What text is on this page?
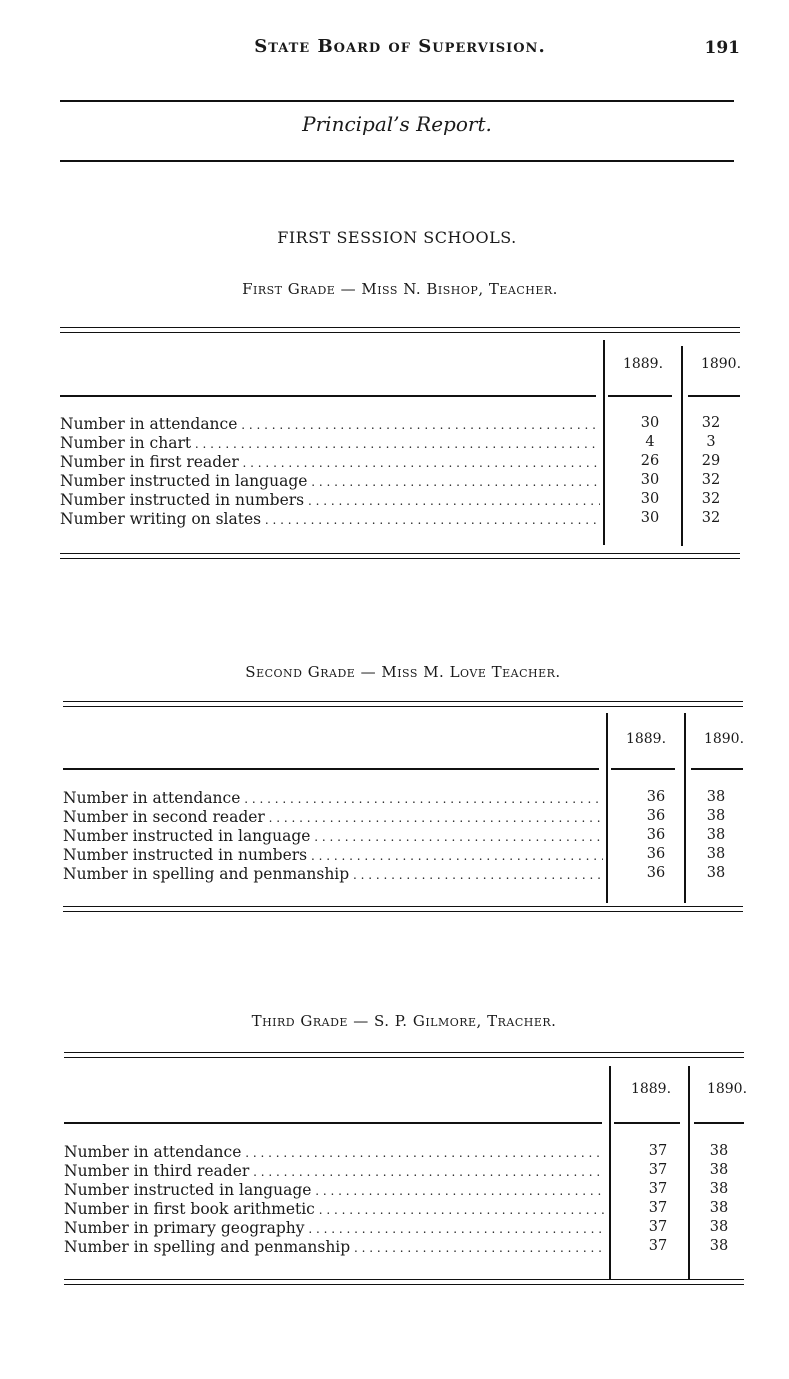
State Board of Supervision.	191
Principal’s Report.
FIRST SESSION SCHOOLS.
First Grade — Miss N. Bishop, Teacher.
1889.	1890.
Number in attendance . . .	30	32
Number in chart . . .	4	3
Number in first reader . . .	26	29
Number instructed in language . . .	30	32
Number instructed in numbers . . .	30	32
Number writing on slates . . .	30	32
Second Grade — Miss M. Love Teacher.
1889.	1890.
Number in attendance . . .	36	38
Number in second reader . . .	36	38
Number instructed in language . . .	36	38
Number instructed in numbers . . .	36	38
Number in spelling and penmanship . . .	36	38
Third Grade — S. P. Gilmore, Tracher.
1889.	1890.
Number in attendance . . .	37	38
Number in third reader . . .	37	38
Number instructed in language . . .	37	38
Number in first book arithmetic . . .	37	38
Number in primary geography . . .	37	38
Number in spelling and penmanship . . .	37	38
